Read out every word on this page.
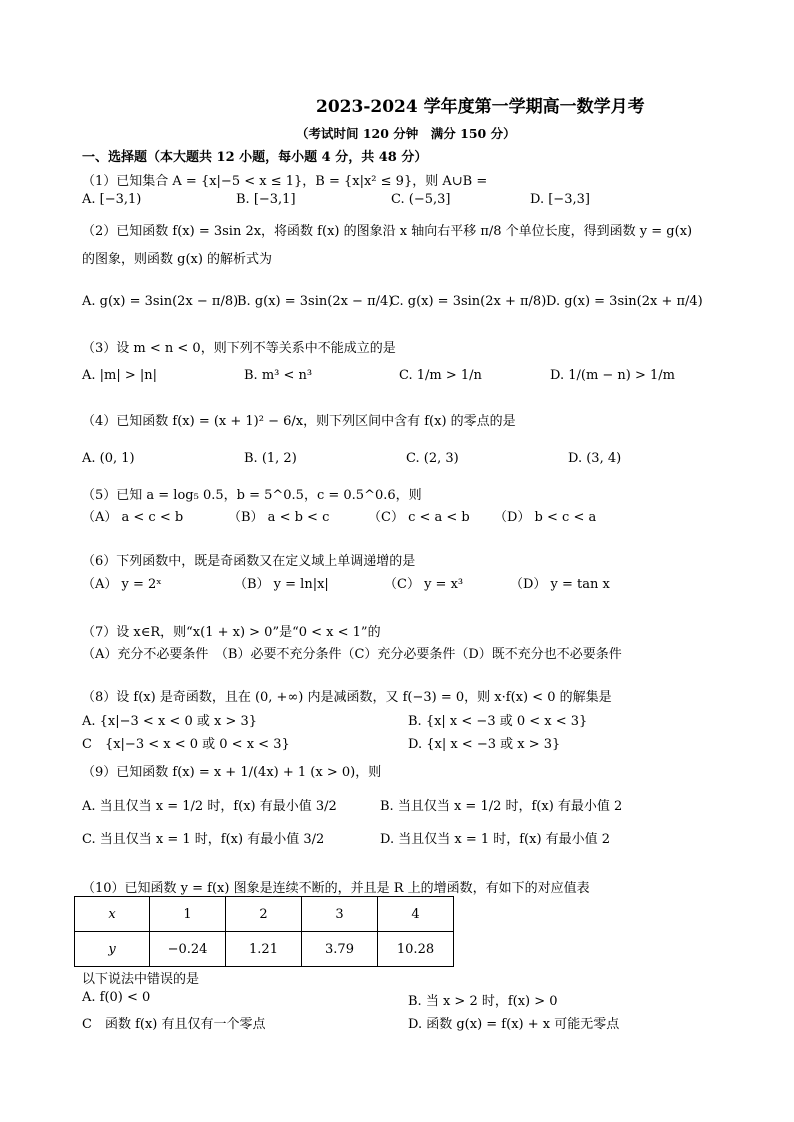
2023-2024 学年度第一学期高一数学月考
（考试时间 120 分钟　满分 150 分）
一、选择题（本大题共 12 小题，每小题 4 分，共 48 分）
（1）已知集合 A = {x|−5 < x ≤ 1}，B = {x|x² ≤ 9}，则 A∪B =
A. [−3,1)	B. [−3,1]	C. (−5,3]	D. [−3,3]
（2）已知函数 f(x) = 3sin 2x，将函数 f(x) 的图象沿 x 轴向右平移 π/8 个单位长度，得到函数 y = g(x)
的图象，则函数 g(x) 的解析式为
A. g(x) = 3sin(2x − π/8)
B. g(x) = 3sin(2x − π/4)
C. g(x) = 3sin(2x + π/8) D. g(x) = 3sin(2x + π/4)
（3）设 m < n < 0，则下列不等关系中不能成立的是
A. |m| > |n|	B. m³ < n³	C. 1/m > 1/n	D. 1/(m − n) > 1/m
（4）已知函数 f(x) = (x + 1)² − 6/x，则下列区间中含有 f(x) 的零点的是
A. (0, 1)	B. (1, 2)	C. (2, 3)	D. (3, 4)
（5）已知 a = log₅ 0.5，b = 5^0.5，c = 0.5^0.6，则
（A） a < c < b	（B） a < b < c	（C） c < a < b （D） b < c < a
（6）下列函数中，既是奇函数又在定义域上单调递增的是
（A） y = 2ˣ	（B） y = ln|x|	（C） y = x³	（D） y = tan x
（7）设 x∈R，则“x(1 + x) > 0”是“0 < x < 1”的
（A）充分不必要条件　（B）必要不充分条件（C）充分必要条件（D）既不充分也不必要条件
（8）设 f(x) 是奇函数，且在 (0, +∞) 内是减函数，又 f(−3) = 0，则 x·f(x) < 0 的解集是
A. {x|−3 < x < 0 或 x > 3}	B. {x| x < −3 或 0 < x < 3}
C　{x|−3 < x < 0 或 0 < x < 3}	D. {x| x < −3 或 x > 3}
（9）已知函数 f(x) = x + 1/(4x) + 1 (x > 0)，则
A. 当且仅当 x = 1/2 时，f(x) 有最小值 3/2	B. 当且仅当 x = 1/2 时，f(x) 有最小值 2
C. 当且仅当 x = 1 时，f(x) 有最小值 3/2	D. 当且仅当 x = 1 时，f(x) 有最小值 2
（10）已知函数 y = f(x) 图象是连续不断的，并且是 R 上的增函数，有如下的对应值表
x	1	2	3	4
y	−0.24	1.21	3.79	10.28
以下说法中错误的是
A. f(0) < 0	B. 当 x > 2 时，f(x) > 0
C　函数 f(x) 有且仅有一个零点	D. 函数 g(x) = f(x) + x 可能无零点
